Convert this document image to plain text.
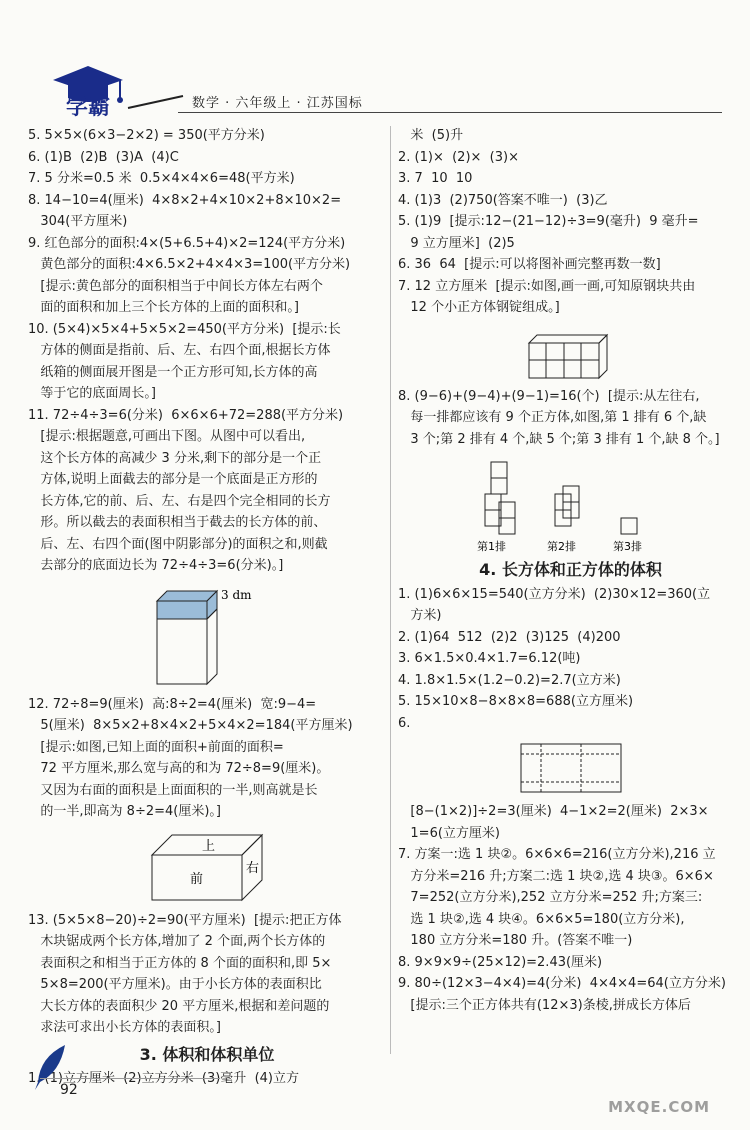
学霸	数学 · 六年级上 · 江苏国标
5. 5×5×(6×3−2×2) = 350(平方分米)
6. (1)B  (2)B  (3)A  (4)C
7. 5 分米=0.5 米  0.5×4×4×6=48(平方米)
8. 14−10=4(厘米)  4×8×2+4×10×2+8×10×2=
304(平方厘米)
9. 红色部分的面积:4×(5+6.5+4)×2=124(平方分米)
黄色部分的面积:4×6.5×2+4×4×3=100(平方分米)
[提示:黄色部分的面积相当于中间长方体左右两个
面的面积和加上三个长方体的上面的面积和。]
10. (5×4)×5×4+5×5×2=450(平方分米)  [提示:长
方体的侧面是指前、后、左、右四个面,根据长方体
纸箱的侧面展开图是一个正方形可知,长方体的高
等于它的底面周长。]
11. 72÷4÷3=6(分米)  6×6×6+72=288(平方分米)
[提示:根据题意,可画出下图。从图中可以看出,
这个长方体的高减少 3 分米,剩下的部分是一个正
方体,说明上面截去的部分是一个底面是正方形的
长方体,它的前、后、左、右是四个完全相同的长方
形。所以截去的表面积相当于截去的长方体的前、
后、左、右四个面(图中阴影部分)的面积之和,则截
去部分的底面边长为 72÷4÷3=6(分米)。]
3 dm
12. 72÷8=9(厘米)  高:8÷2=4(厘米)  宽:9−4=
5(厘米)  8×5×2+8×4×2+5×4×2=184(平方厘米)
[提示:如图,已知上面的面积+前面的面积=
72 平方厘米,那么宽与高的和为 72÷8=9(厘米)。
又因为右面的面积是上面面积的一半,则高就是长
的一半,即高为 8÷2=4(厘米)。]
上
前
右
13. (5×5×8−20)÷2=90(平方厘米)  [提示:把正方体
木块锯成两个长方体,增加了 2 个面,两个长方体的
表面积之和相当于正方体的 8 个面的面积和,即 5×
5×8=200(平方厘米)。由于小长方体的表面积比
大长方体的表面积少 20 平方厘米,根据和差问题的
求法可求出小长方体的表面积。]
3. 体积和体积单位
1. (1)立方厘米  (2)立方分米  (3)毫升  (4)立方
米  (5)升
2. (1)×  (2)×  (3)×
3. 7  10  10
4. (1)3  (2)750(答案不唯一)  (3)乙
5. (1)9  [提示:12−(21−12)÷3=9(毫升)  9 毫升=
9 立方厘米]  (2)5
6. 36  64  [提示:可以将图补画完整再数一数]
7. 12 立方厘米  [提示:如图,画一画,可知原钢块共由
12 个小正方体钢锭组成。]
8. (9−6)+(9−4)+(9−1)=16(个)  [提示:从左往右,
每一排都应该有 9 个正方体,如图,第 1 排有 6 个,缺
3 个;第 2 排有 4 个,缺 5 个;第 3 排有 1 个,缺 8 个。]
第1排	第2排	第3排
4. 长方体和正方体的体积
1. (1)6×6×15=540(立方分米)  (2)30×12=360(立
方米)
2. (1)64  512  (2)2  (3)125  (4)200
3. 6×1.5×0.4×1.7=6.12(吨)
4. 1.8×1.5×(1.2−0.2)=2.7(立方米)
5. 15×10×8−8×8×8=688(立方厘米)
6.
[8−(1×2)]÷2=3(厘米)  4−1×2=2(厘米)  2×3×
1=6(立方厘米)
7. 方案一:选 1 块②。6×6×6=216(立方分米),216 立
方分米=216 升;方案二:选 1 块②,选 4 块③。6×6×
7=252(立方分米),252 立方分米=252 升;方案三:
选 1 块②,选 4 块④。6×6×5=180(立方分米),
180 立方分米=180 升。(答案不唯一)
8. 9×9×9÷(25×12)=2.43(厘米)
9. 80÷(12×3−4×4)=4(分米)  4×4×4=64(立方分米)
[提示:三个正方体共有(12×3)条棱,拼成长方体后
92
MXQE.COM
